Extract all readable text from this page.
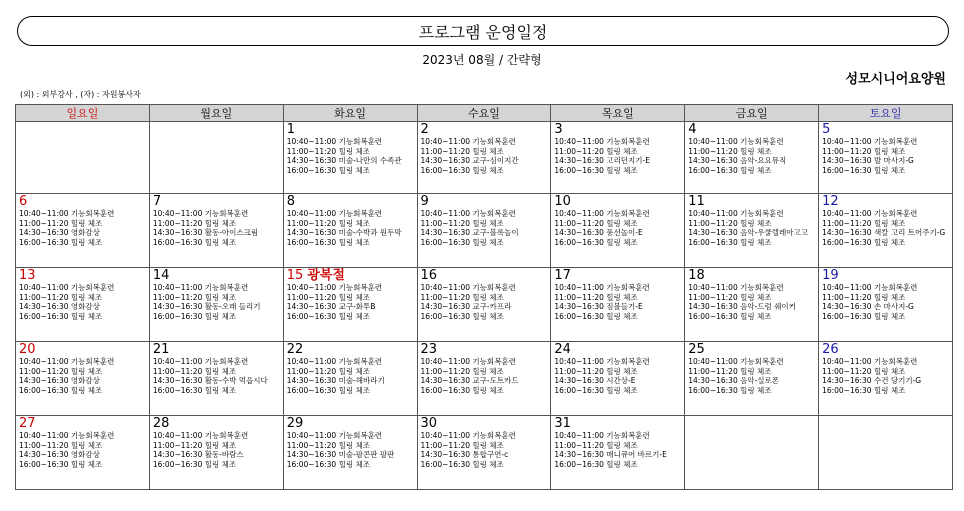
프로그램 운영일정
2023년 08월 / 간략형
성모시니어요양원
(외) : 외부강사 , (자) : 자원봉사자
일요일	월요일	화요일	수요일	목요일	금요일	토요일

		1
10:40~11:00 기능회복훈련
11:00~11:20 힐링 체조
14:30~16:30 미술-나만의 수족관
16:00~16:30 힐링 체조	2
10:40~11:00 기능회복훈련
11:00~11:20 힐링 체조
14:30~16:30 교구-심이지간
16:00~16:30 힐링 체조	3
10:40~11:00 기능회복훈련
11:00~11:20 힐링 체조
14:30~16:30 고리던지기-E
16:00~16:30 힐링 체조	4
10:40~11:00 기능회복훈련
11:00~11:20 힐링 체조
14:30~16:30 음악-요요뮤직
16:00~16:30 힐링 체조	5
10:40~11:00 기능회복훈련
11:00~11:20 힐링 체조
14:30~16:30 발 마사지-G
16:00~16:30 힐링 체조

6
10:40~11:00 기능회복훈련
11:00~11:20 힐링 체조
14:30~16:30 영화감상
16:00~16:30 힐링 체조	7
10:40~11:00 기능회복훈련
11:00~11:20 힐링 체조
14:30~16:30 활동-아이스크림
16:00~16:30 힐링 체조	8
10:40~11:00 기능회복훈련
11:00~11:20 힐링 체조
14:30~16:30 미술-수박과 원두막
16:00~16:30 힐링 체조	9
10:40~11:00 기능회복훈련
11:00~11:20 힐링 체조
14:30~16:30 교구-블록놀이
16:00~16:30 힐링 체조	10
10:40~11:00 기능회복훈련
11:00~11:20 힐링 체조
14:30~16:30 풍선놀이-E
16:00~16:30 힐링 체조	11
10:40~11:00 기능회복훈련
11:00~11:20 힐링 체조
14:30~16:30 음악-우쿨렐레아고고
16:00~16:30 힐링 체조	12
10:40~11:00 기능회복훈련
11:00~11:20 힐링 체조
14:30~16:30 색칼 고리 트어주기-G
16:00~16:30 힐링 체조

13
10:40~11:00 기능회복훈련
11:00~11:20 힐링 체조
14:30~16:30 영화감상
16:00~16:30 힐링 체조	14
10:40~11:00 기능회복훈련
11:00~11:20 힐링 체조
14:30~16:30 활동-오래 들리기
16:00~16:30 힐링 체조	15 광복절
10:40~11:00 기능회복훈련
11:00~11:20 힐링 체조
14:30~16:30 교구-화투B
16:00~16:30 힐링 체조	16
10:40~11:00 기능회복훈련
11:00~11:20 힐링 체조
14:30~16:30 교구-카프라
16:00~16:30 힐링 체조	17
10:40~11:00 기능회복훈련
11:00~11:20 힐링 체조
14:30~16:30 짐볼들기-E
16:00~16:30 힐링 체조	18
10:40~11:00 기능회복훈련
11:00~11:20 힐링 체조
14:30~16:30 음악-드럼 쉐이커
16:00~16:30 힐링 체조	19
10:40~11:00 기능회복훈련
11:00~11:20 힐링 체조
14:30~16:30 손 마사지-G
16:00~16:30 힐링 체조

20
10:40~11:00 기능회복훈련
11:00~11:20 힐링 체조
14:30~16:30 영화감상
16:00~16:30 힐링 체조	21
10:40~11:00 기능회복훈련
11:00~11:20 힐링 체조
14:30~16:30 활동-수박 먹읍시다
16:00~16:30 힐링 체조	22
10:40~11:00 기능회복훈련
11:00~11:20 힐링 체조
14:30~16:30 미술-해바라기
16:00~16:30 힐링 체조	23
10:40~11:00 기능회복훈련
11:00~11:20 힐링 체조
14:30~16:30 교구-도트카드
16:00~16:30 힐링 체조	24
10:40~11:00 기능회복훈련
11:00~11:20 힐링 체조
14:30~16:30 시간상-E
16:00~16:30 힐링 체조	25
10:40~11:00 기능회복훈련
11:00~11:20 힐링 체조
14:30~16:30 음악-실로폰
16:00~16:30 힐링 체조	26
10:40~11:00 기능회복훈련
11:00~11:20 힐링 체조
14:30~16:30 수건 당기기-G
16:00~16:30 힐링 체조

27
10:40~11:00 기능회복훈련
11:00~11:20 힐링 체조
14:30~16:30 영화감상
16:00~16:30 힐링 체조	28
10:40~11:00 기능회복훈련
11:00~11:20 힐링 체조
14:30~16:30 활동-바람스
16:00~16:30 힐링 체조	29
10:40~11:00 기능회복훈련
11:00~11:20 힐링 체조
14:30~16:30 미술-팔콘판 팔판
16:00~16:30 힐링 체조	30
10:40~11:00 기능회복훈련
11:00~11:20 힐링 체조
14:30~16:30 통합구연-c
16:00~16:30 힐링 체조	31
10:40~11:00 기능회복훈련
11:00~11:20 힐링 체조
14:30~16:30 매니큐어 바르기-E
16:00~16:30 힐링 체조		
